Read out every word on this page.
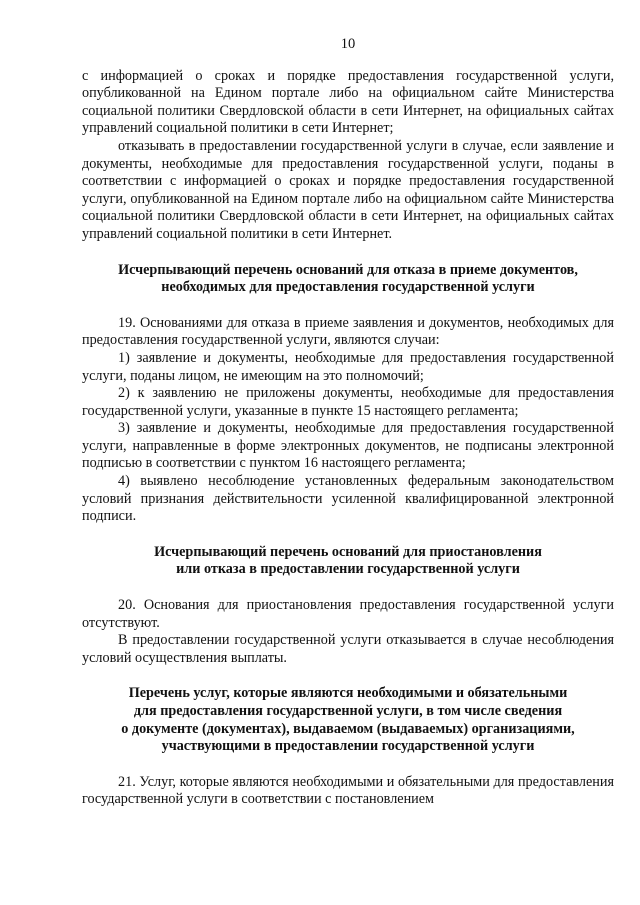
10

с информацией о сроках и порядке предоставления государственной услуги, опубликованной на Едином портале либо на официальном сайте Министерства социальной политики Свердловской области в сети Интернет, на официальных сайтах управлений социальной политики в сети Интернет;

отказывать в предоставлении государственной услуги в случае, если заявление и документы, необходимые для предоставления государственной услуги, поданы в соответствии с информацией о сроках и порядке предоставления государственной услуги, опубликованной на Едином портале либо на официальном сайте Министерства социальной политики Свердловской области в сети Интернет, на официальных сайтах управлений социальной политики в сети Интернет.

Исчерпывающий перечень оснований для отказа в приеме документов,
необходимых для предоставления государственной услуги

19. Основаниями для отказа в приеме заявления и документов, необходимых для предоставления государственной услуги, являются случаи:

1) заявление и документы, необходимые для предоставления государственной услуги, поданы лицом, не имеющим на это полномочий;

2) к заявлению не приложены документы, необходимые для предоставления государственной услуги, указанные в пункте 15 настоящего регламента;

3) заявление и документы, необходимые для предоставления государственной услуги, направленные в форме электронных документов, не подписаны электронной подписью в соответствии с пунктом 16 настоящего регламента;

4) выявлено несоблюдение установленных федеральным законодательством условий признания действительности усиленной квалифицированной электронной подписи.

Исчерпывающий перечень оснований для приостановления
или отказа в предоставлении государственной услуги

20. Основания для приостановления предоставления государственной услуги отсутствуют.

В предоставлении государственной услуги отказывается в случае несоблюдения условий осуществления выплаты.

Перечень услуг, которые являются необходимыми и обязательными
для предоставления государственной услуги, в том числе сведения
о документе (документах), выдаваемом (выдаваемых) организациями,
участвующими в предоставлении государственной услуги

21. Услуг, которые являются необходимыми и обязательными для предоставления государственной услуги в соответствии с постановлением
